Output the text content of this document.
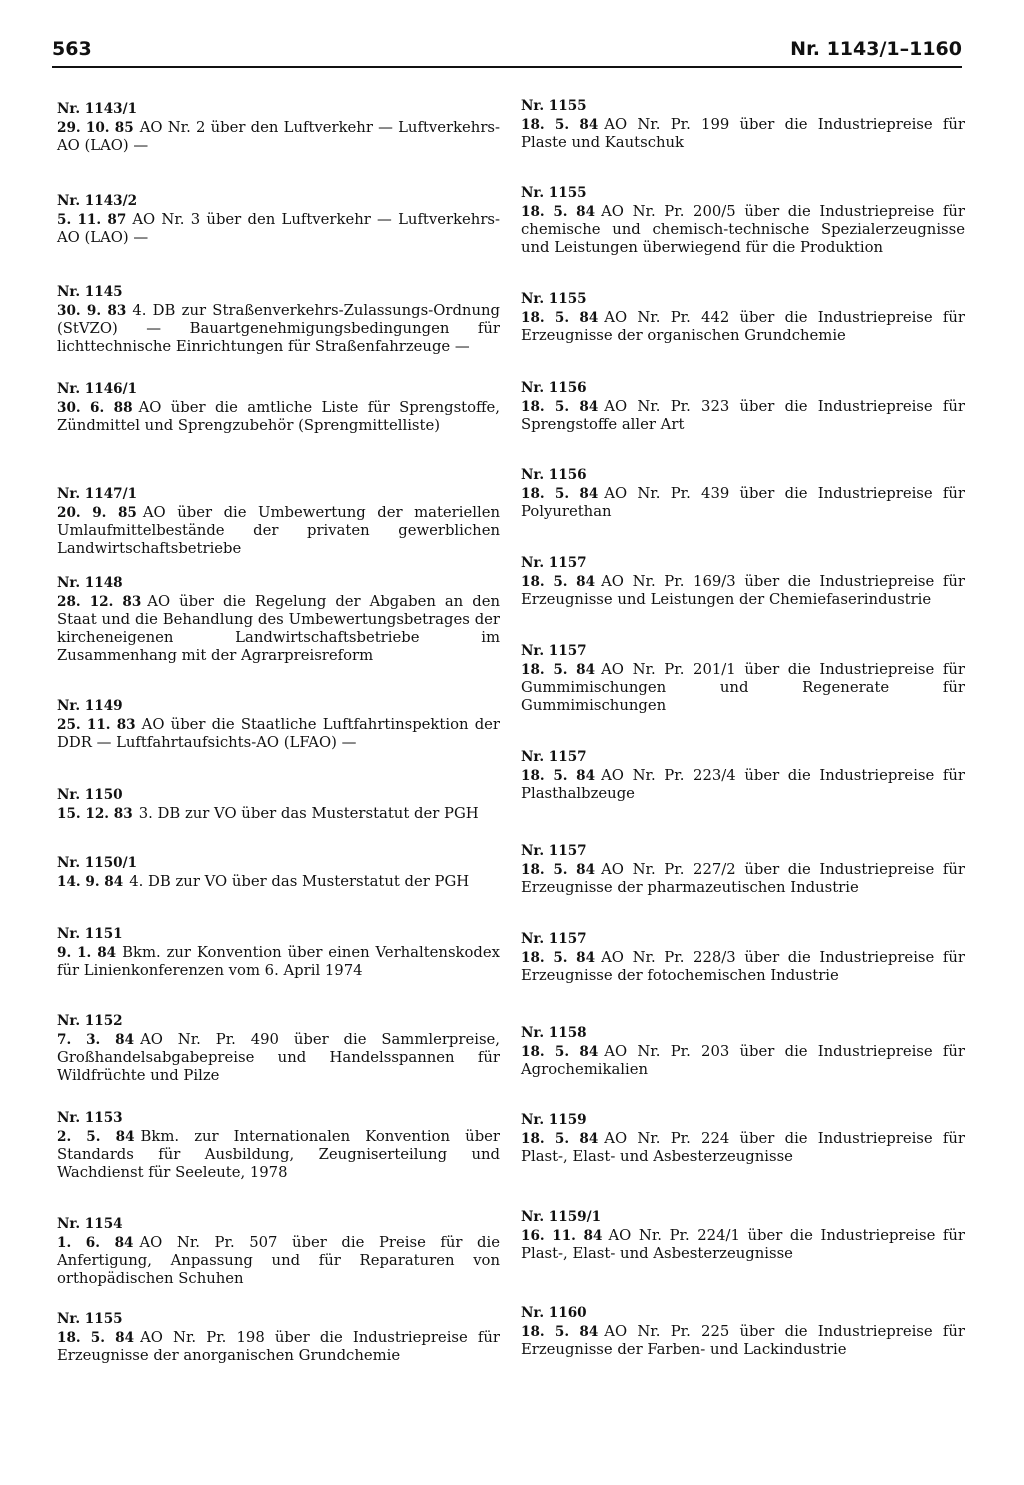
563	Nr. 1143/1–1160
Nr. 1143/1
29. 10. 85 AO Nr. 2 über den Luftverkehr — Luftverkehrs-AO (LAO) —
Nr. 1143/2
5. 11. 87 AO Nr. 3 über den Luftverkehr — Luftverkehrs-AO (LAO) —
Nr. 1145
30. 9. 83 4. DB zur Straßenverkehrs-Zulassungs-Ordnung (StVZO) — Bauartgenehmigungsbedingungen für lichttechnische Einrichtungen für Straßenfahrzeuge —
Nr. 1146/1
30. 6. 88 AO über die amtliche Liste für Sprengstoffe, Zündmittel und Sprengzubehör (Sprengmittelliste)
Nr. 1147/1
20. 9. 85 AO über die Umbewertung der materiellen Umlaufmittelbestände der privaten gewerblichen Landwirtschaftsbetriebe
Nr. 1148
28. 12. 83 AO über die Regelung der Abgaben an den Staat und die Behandlung des Umbewertungsbetrages der kircheneigenen Landwirtschaftsbetriebe im Zusammenhang mit der Agrarpreisreform
Nr. 1149
25. 11. 83 AO über die Staatliche Luftfahrtinspektion der DDR — Luftfahrtaufsichts-AO (LFAO) —
Nr. 1150
15. 12. 83 3. DB zur VO über das Musterstatut der PGH
Nr. 1150/1
14. 9. 84 4. DB zur VO über das Musterstatut der PGH
Nr. 1151
9. 1. 84 Bkm. zur Konvention über einen Verhaltenskodex für Linienkonferenzen vom 6. April 1974
Nr. 1152
7. 3. 84 AO Nr. Pr. 490 über die Sammlerpreise, Großhandelsabgabepreise und Handelsspannen für Wildfrüchte und Pilze
Nr. 1153
2. 5. 84 Bkm. zur Internationalen Konvention über Standards für Ausbildung, Zeugniserteilung und Wachdienst für Seeleute, 1978
Nr. 1154
1. 6. 84 AO Nr. Pr. 507 über die Preise für die Anfertigung, Anpassung und für Reparaturen von orthopädischen Schuhen
Nr. 1155
18. 5. 84 AO Nr. Pr. 198 über die Industriepreise für Erzeugnisse der anorganischen Grundchemie
Nr. 1155
18. 5. 84 AO Nr. Pr. 199 über die Industriepreise für Plaste und Kautschuk
Nr. 1155
18. 5. 84 AO Nr. Pr. 200/5 über die Industriepreise für chemische und chemisch-technische Spezialerzeugnisse und Leistungen überwiegend für die Produktion
Nr. 1155
18. 5. 84 AO Nr. Pr. 442 über die Industriepreise für Erzeugnisse der organischen Grundchemie
Nr. 1156
18. 5. 84 AO Nr. Pr. 323 über die Industriepreise für Sprengstoffe aller Art
Nr. 1156
18. 5. 84 AO Nr. Pr. 439 über die Industriepreise für Polyurethan
Nr. 1157
18. 5. 84 AO Nr. Pr. 169/3 über die Industriepreise für Erzeugnisse und Leistungen der Chemiefaserindustrie
Nr. 1157
18. 5. 84 AO Nr. Pr. 201/1 über die Industriepreise für Gummimischungen und Regenerate für Gummimischungen
Nr. 1157
18. 5. 84 AO Nr. Pr. 223/4 über die Industriepreise für Plasthalbzeuge
Nr. 1157
18. 5. 84 AO Nr. Pr. 227/2 über die Industriepreise für Erzeugnisse der pharmazeutischen Industrie
Nr. 1157
18. 5. 84 AO Nr. Pr. 228/3 über die Industriepreise für Erzeugnisse der fotochemischen Industrie
Nr. 1158
18. 5. 84 AO Nr. Pr. 203 über die Industriepreise für Agrochemikalien
Nr. 1159
18. 5. 84 AO Nr. Pr. 224 über die Industriepreise für Plast-, Elast- und Asbesterzeugnisse
Nr. 1159/1
16. 11. 84 AO Nr. Pr. 224/1 über die Industriepreise für Plast-, Elast- und Asbesterzeugnisse
Nr. 1160
18. 5. 84 AO Nr. Pr. 225 über die Industriepreise für Erzeugnisse der Farben- und Lackindustrie
